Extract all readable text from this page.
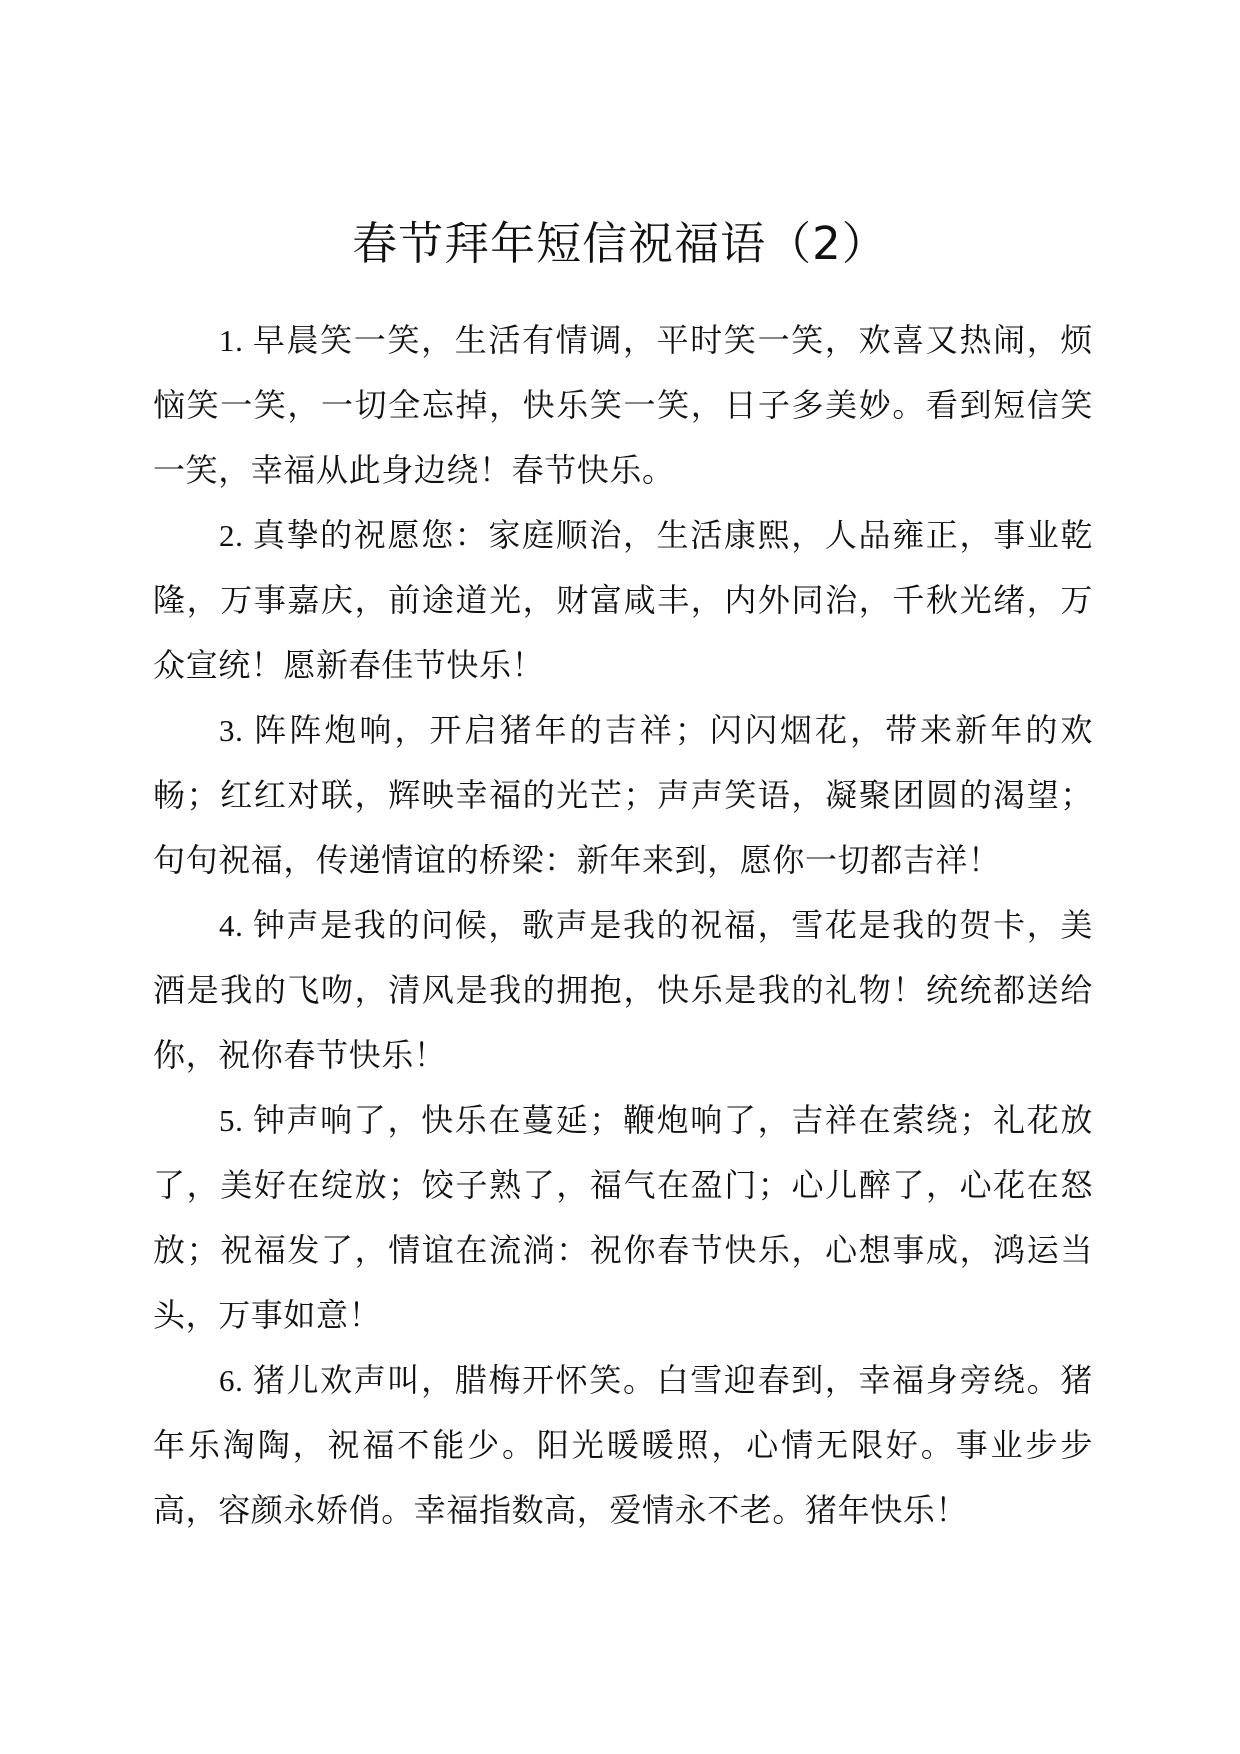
春节拜年短信祝福语（2）

1. 早晨笑一笑，生活有情调，平时笑一笑，欢喜又热闹，烦恼笑一笑，一切全忘掉，快乐笑一笑，日子多美妙。看到短信笑一笑，幸福从此身边绕！春节快乐。

2. 真挚的祝愿您：家庭顺治，生活康熙，人品雍正，事业乾隆，万事嘉庆，前途道光，财富咸丰，内外同治，千秋光绪，万众宣统！愿新春佳节快乐！

3. 阵阵炮响，开启猪年的吉祥；闪闪烟花，带来新年的欢畅；红红对联，辉映幸福的光芒；声声笑语，凝聚团圆的渴望；句句祝福，传递情谊的桥梁：新年来到，愿你一切都吉祥！

4. 钟声是我的问候，歌声是我的祝福，雪花是我的贺卡，美酒是我的飞吻，清风是我的拥抱，快乐是我的礼物！统统都送给你，祝你春节快乐！

5. 钟声响了，快乐在蔓延；鞭炮响了，吉祥在萦绕；礼花放了，美好在绽放；饺子熟了，福气在盈门；心儿醉了，心花在怒放；祝福发了，情谊在流淌：祝你春节快乐，心想事成，鸿运当头，万事如意！

6. 猪儿欢声叫，腊梅开怀笑。白雪迎春到，幸福身旁绕。猪年乐淘陶，祝福不能少。阳光暖暖照，心情无限好。事业步步高，容颜永娇俏。幸福指数高，爱情永不老。猪年快乐！
